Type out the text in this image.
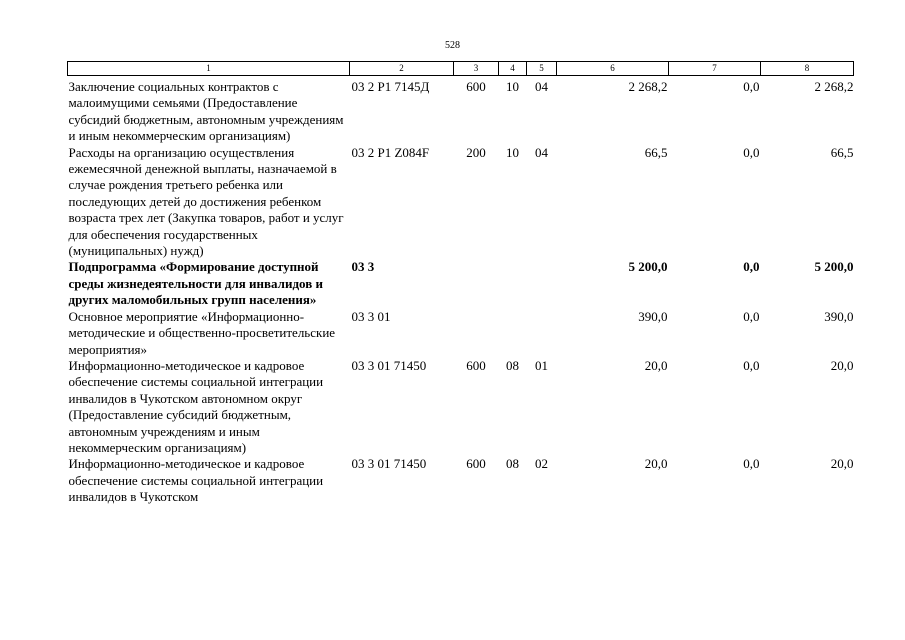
528
1	2	3	4	5	6	7	8
Заключение социальных контрактов с малоимущими семьями (Предоставление субсидий бюджетным, автономным учреждениям и иным некоммерческим организациям)	03 2 P1 7145Д	600	10	04	2 268,2	0,0	2 268,2
Расходы на организацию осуществления ежемесячной денежной выплаты, назначаемой в случае рождения третьего ребенка или последующих детей до достижения ребенком возраста трех лет (Закупка товаров, работ и услуг для обеспечения государственных (муниципальных) нужд)	03 2 P1 Z084F	200	10	04	66,5	0,0	66,5
Подпрограмма «Формирование доступной среды жизнедеятельности для инвалидов и других маломобильных групп населения»	03 3				5 200,0	0,0	5 200,0
Основное мероприятие «Информационно-методические и общественно-просветительские мероприятия»	03 3 01				390,0	0,0	390,0
Информационно-методическое и кадровое обеспечение системы социальной интеграции инвалидов в Чукотском автономном округ (Предоставление субсидий бюджетным, автономным учреждениям и иным некоммерческим организациям)	03 3 01 71450	600	08	01	20,0	0,0	20,0
Информационно-методическое и кадровое обеспечение системы социальной интеграции инвалидов в Чукотском	03 3 01 71450	600	08	02	20,0	0,0	20,0
